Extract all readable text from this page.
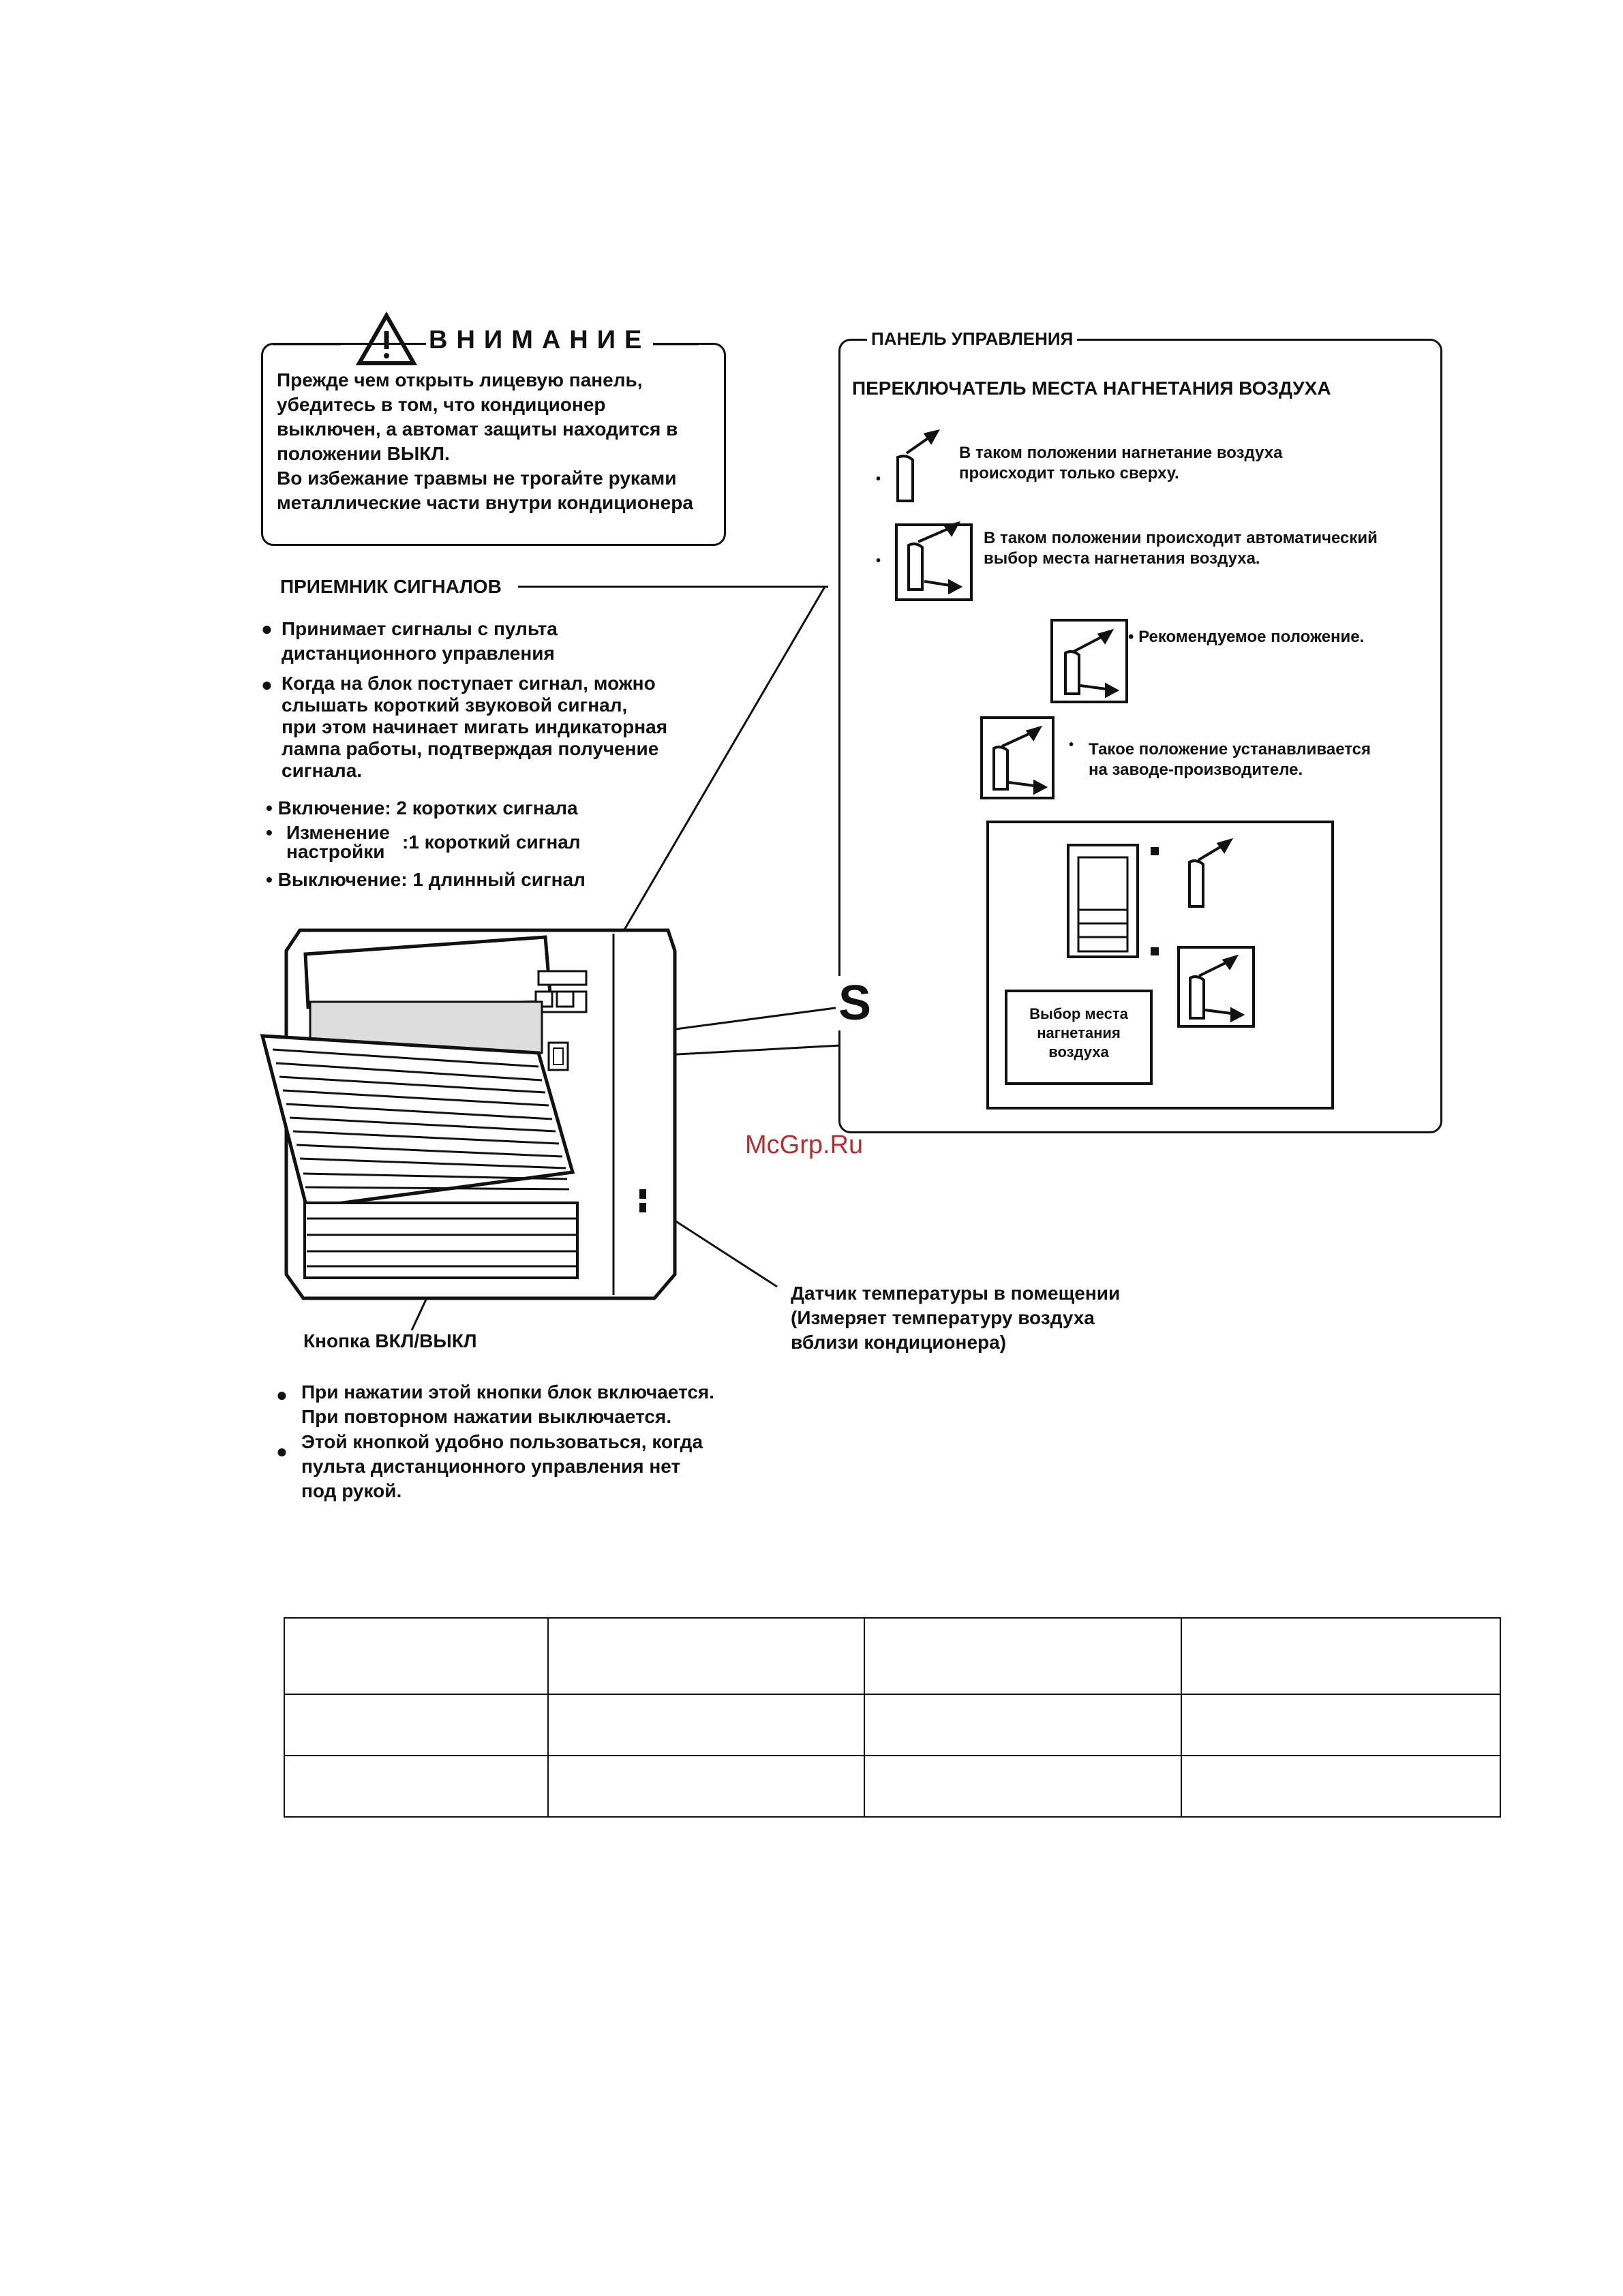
ВНИМАНИЕ
Прежде чем открыть лицевую панель,
убедитесь в том, что кондиционер
выключен, а автомат защиты находится в
положении ВЫКЛ.
Во избежание травмы не трогайте руками
металлические части внутри кондиционера
ПРИЕМНИК СИГНАЛОВ
● Принимает сигналы с пульта
дистанционного управления
● Когда на блок поступает сигнал, можно
слышать короткий звуковой сигнал,
при этом начинает мигать индикаторная
лампа работы, подтверждая получение
сигнала.
• Включение: 2 коротких сигнала
• Изменение
настройки :1 короткий сигнал
• Выключение: 1 длинный сигнал
ПАНЕЛЬ УПРАВЛЕНИЯ
ПЕРЕКЛЮЧАТЕЛЬ МЕСТА НАГНЕТАНИЯ ВОЗДУХА
•
В таком положении нагнетание воздуха
происходит только сверху.
•
В таком положении происходит автоматический
выбор места нагнетания воздуха.
• Рекомендуемое положение.
• Такое положение устанавливается
на заводе-производителе.
Выбор места
нагнетания
воздуха
S
McGrp.Ru
Датчик температуры в помещении
(Измеряет температуру воздуха
вблизи кондиционера)
Кнопка ВКЛ/ВЫКЛ
● При нажатии этой кнопки блок включается.
При повторном нажатии выключается.
● Этой кнопкой удобно пользоваться, когда
пульта дистанционного управления нет
под рукой.
